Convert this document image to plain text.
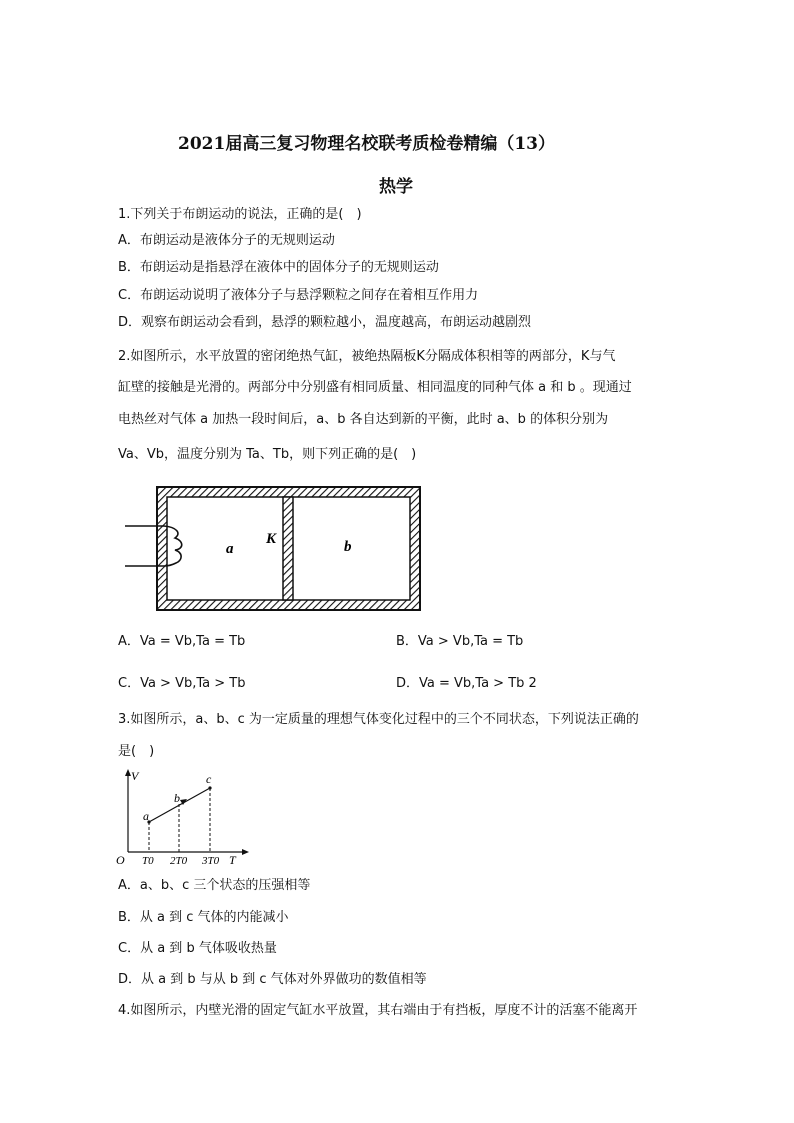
2021届高三复习物理名校联考质检卷精编（13）
热学
1.下列关于布朗运动的说法，正确的是(　)
A．布朗运动是液体分子的无规则运动
B．布朗运动是指悬浮在液体中的固体分子的无规则运动
C．布朗运动说明了液体分子与悬浮颗粒之间存在着相互作用力
D．观察布朗运动会看到，悬浮的颗粒越小，温度越高，布朗运动越剧烈
2.如图所示，水平放置的密闭绝热气缸，被绝热隔板K分隔成体积相等的两部分，K与气
缸壁的接触是光滑的。两部分中分别盛有相同质量、相同温度的同种气体 a 和 b 。现通过
电热丝对气体 a 加热一段时间后，a、b 各自达到新的平衡，此时 a、b 的体积分别为
Va、Vb，温度分别为 Ta、Tb，则下列正确的是(　)
a
K	b
A．Va = Vb,Ta = Tb	B．Va > Vb,Ta = Tb
C．Va > Vb,Ta > Tb	D．Va = Vb,Ta > Tb 2
3.如图所示，a、b、c 为一定质量的理想气体变化过程中的三个不同状态，下列说法正确的
是(　)
V
O	T
T0 2T0 3T0
a
b
c
A．a、b、c 三个状态的压强相等
B．从 a 到 c 气体的内能减小
C．从 a 到 b 气体吸收热量
D．从 a 到 b 与从 b 到 c 气体对外界做功的数值相等
4.如图所示，内壁光滑的固定气缸水平放置，其右端由于有挡板，厚度不计的活塞不能离开
